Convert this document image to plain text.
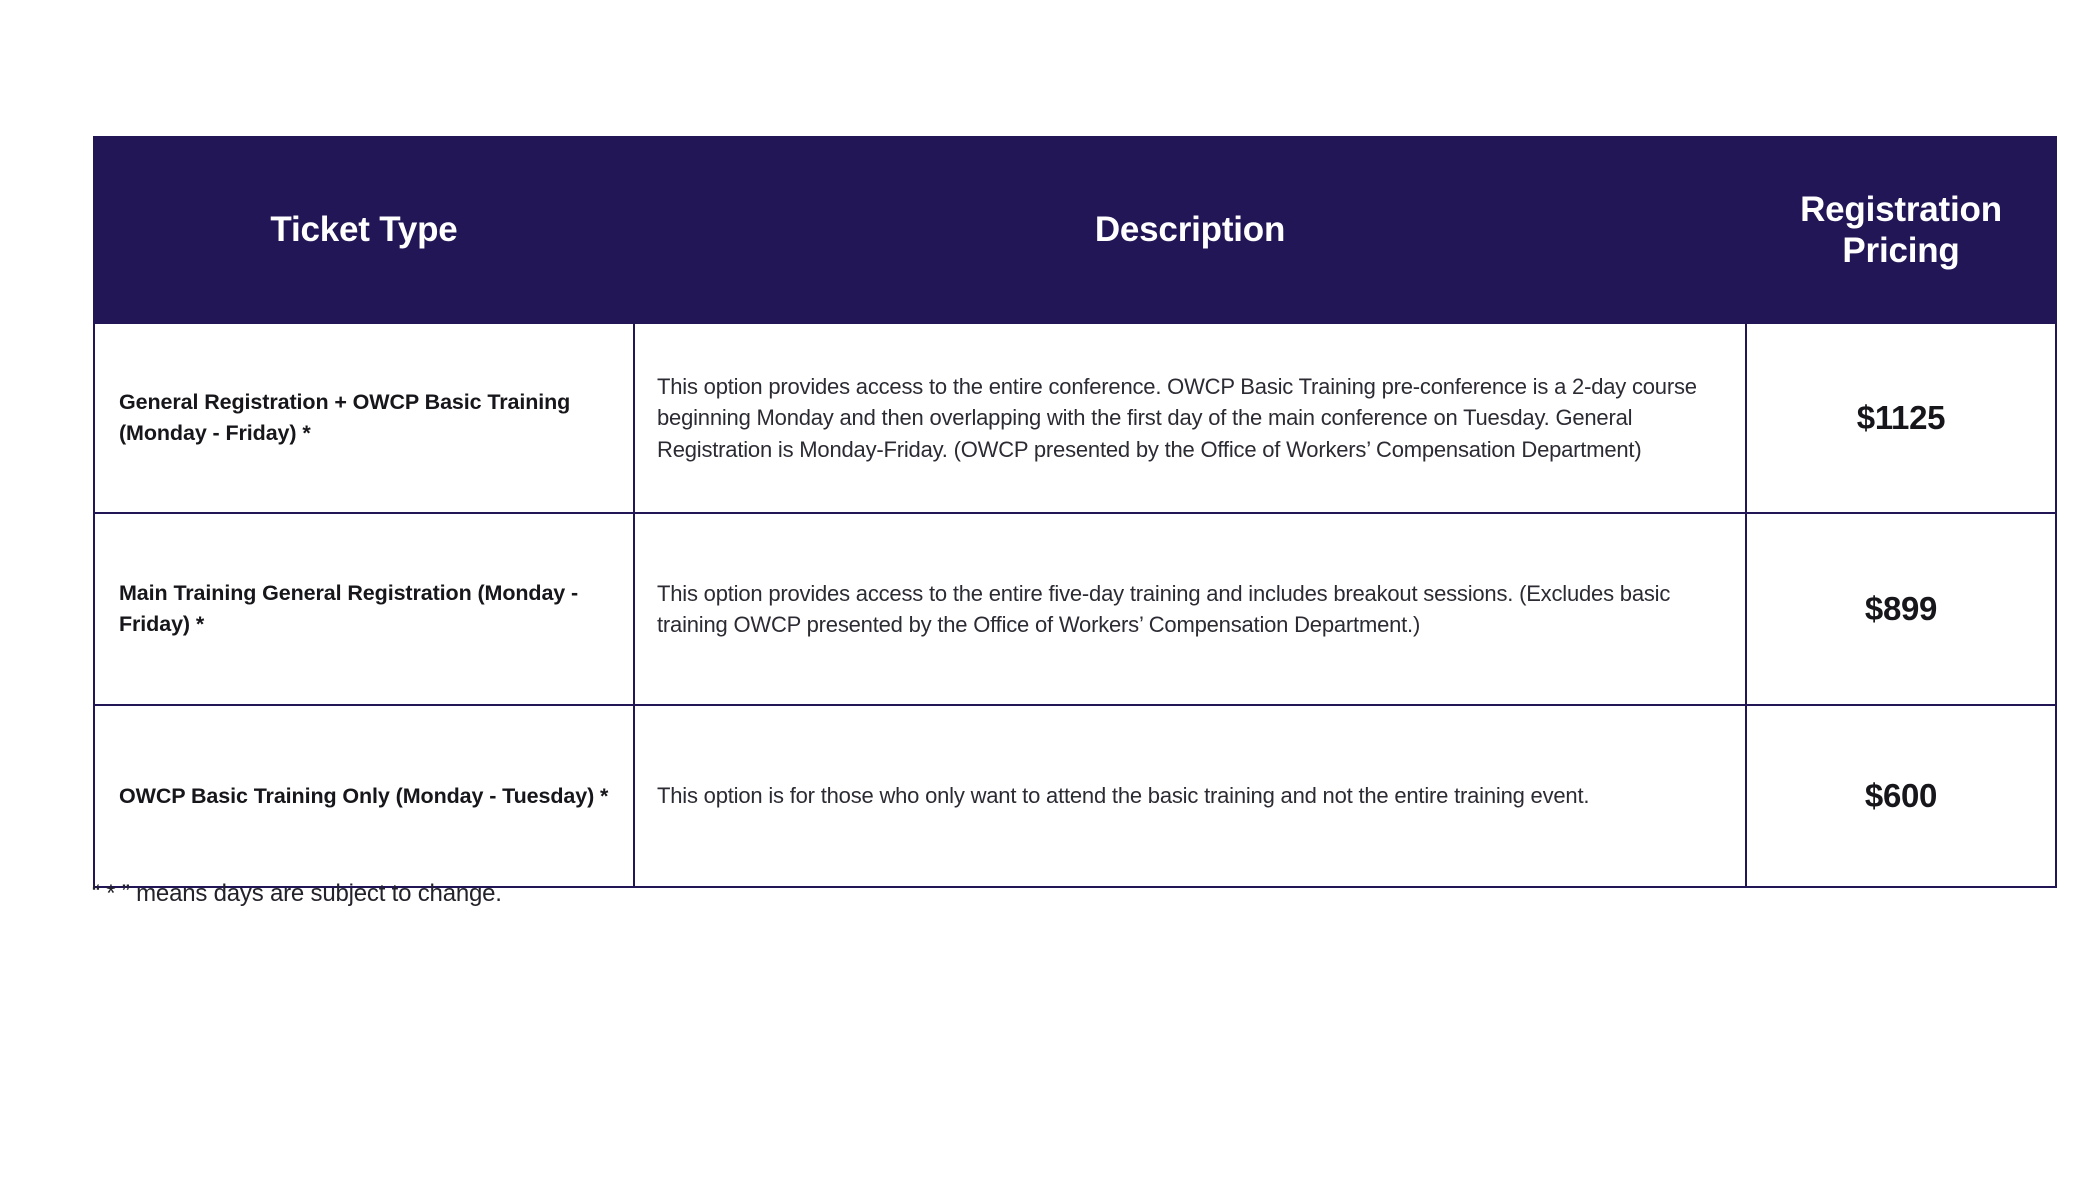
Ticket Type	Description	Registration Pricing
General Registration + OWCP Basic Training (Monday - Friday) *	This option provides access to the entire conference. OWCP Basic Training pre-conference is a 2-day course beginning Monday and then overlapping with the first day of the main conference on Tuesday. General Registration is Monday-Friday. (OWCP presented by the Office of Workers’ Compensation Department)	$1125
Main Training General Registration (Monday - Friday) *	This option provides access to the entire five-day training and includes breakout sessions. (Excludes basic training OWCP presented by the Office of Workers’ Compensation Department.)	$899
OWCP Basic Training Only (Monday - Tuesday) *	This option is for those who only want to attend the basic training and not the entire training event.	$600
“ * ” means days are subject to change.
